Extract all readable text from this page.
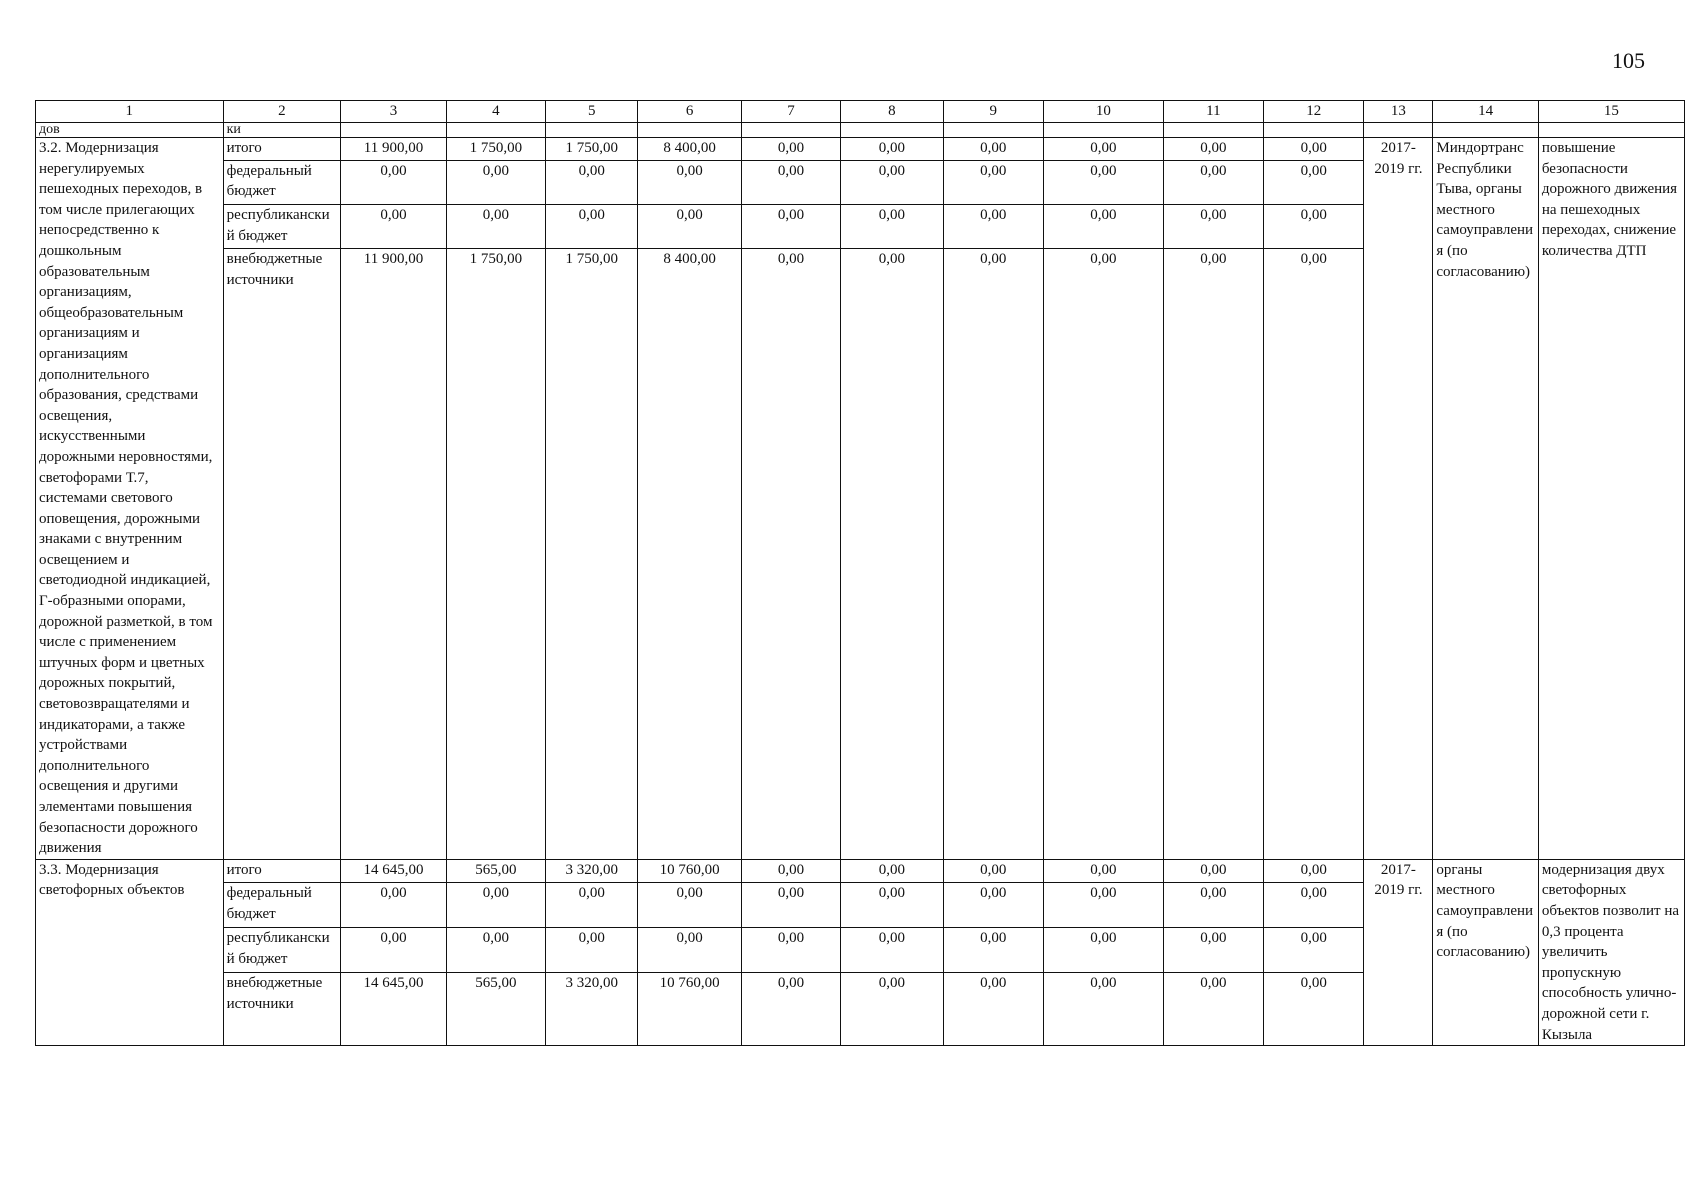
105
1	2	3	4	5	6	7	8	9	10	11	12	13	14	15
дов	ки													
3.2. Модернизация нерегулируемых пешеходных переходов, в том числе прилегающих непосредственно к дошкольным образовательным организациям, общеобразовательным организациям и организациям дополнительного образования, средствами освещения, искусственными дорожными неровностями, светофорами Т.7, системами светового оповещения, дорожными знаками с внутренним освещением и светодиодной индикацией, Г-образными опорами, дорожной разметкой, в том числе с применением штучных форм и цветных дорожных покрытий, световозвращателями и индикаторами, а также устройствами дополнительного освещения и другими элементами повышения безопасности дорожного движения	итого	11 900,00	1 750,00	1 750,00	8 400,00	0,00	0,00	0,00	0,00	0,00	0,00	2017-2019 гг.	Миндортранс Республики Тыва, органы местного самоуправления (по согласованию)	повышение безопасности дорожного движения на пешеходных переходах, снижение количества ДТП
	федеральный бюджет	0,00	0,00	0,00	0,00	0,00	0,00	0,00	0,00	0,00	0,00			
	республиканский бюджет	0,00	0,00	0,00	0,00	0,00	0,00	0,00	0,00	0,00	0,00			
	внебюджетные источники	11 900,00	1 750,00	1 750,00	8 400,00	0,00	0,00	0,00	0,00	0,00	0,00			
3.3. Модернизация светофорных объектов	итого	14 645,00	565,00	3 320,00	10 760,00	0,00	0,00	0,00	0,00	0,00	0,00	2017-2019 гг.	органы местного самоуправления (по согласованию)	модернизация двух светофорных объектов позволит на 0,3 процента увеличить пропускную способность улично-дорожной сети г. Кызыла
	федеральный бюджет	0,00	0,00	0,00	0,00	0,00	0,00	0,00	0,00	0,00	0,00			
	республиканский бюджет	0,00	0,00	0,00	0,00	0,00	0,00	0,00	0,00	0,00	0,00			
	внебюджетные источники	14 645,00	565,00	3 320,00	10 760,00	0,00	0,00	0,00	0,00	0,00	0,00			
